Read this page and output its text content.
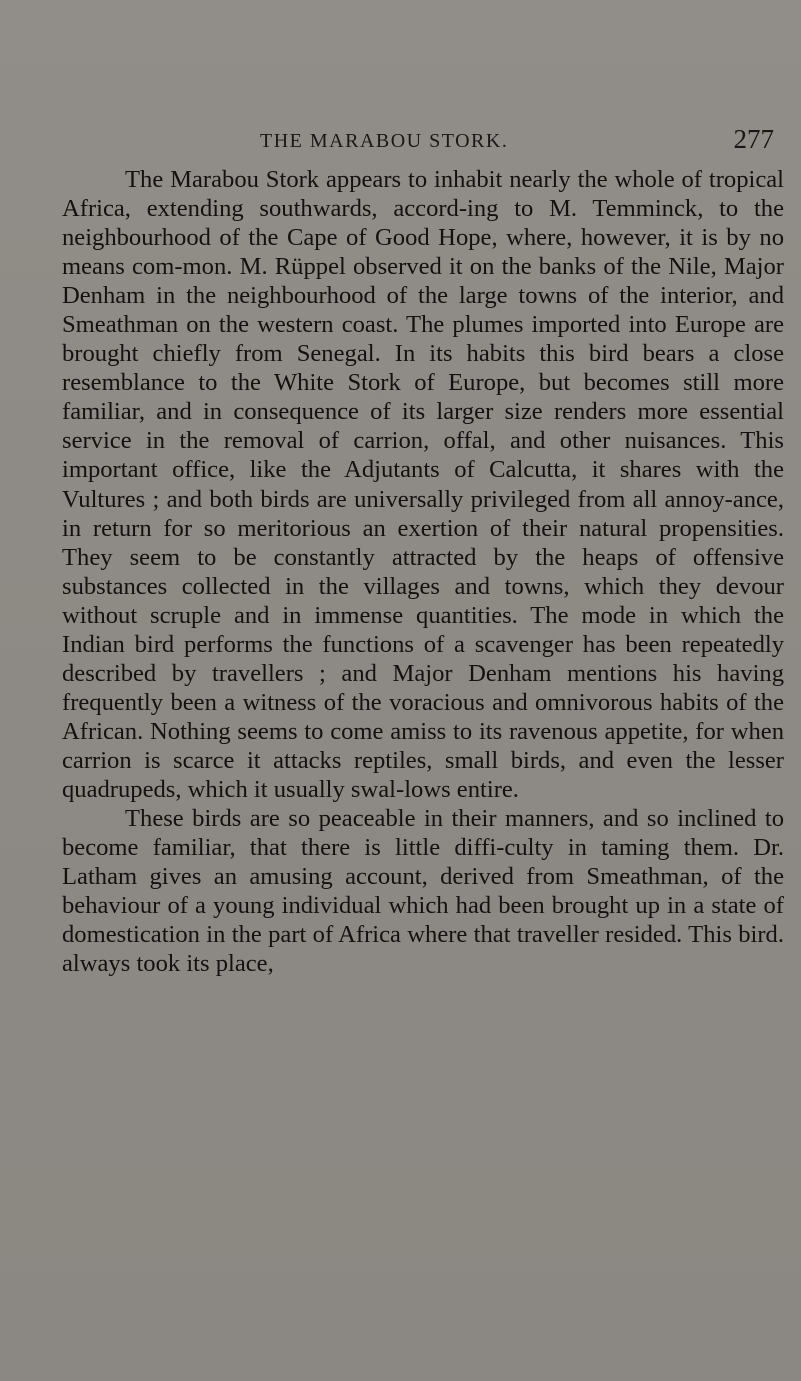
THE MARABOU STORK.	277

The Marabou Stork appears to inhabit nearly the whole of tropical Africa, extending southwards, accord-ing to M. Temminck, to the neighbourhood of the Cape of Good Hope, where, however, it is by no means com-mon. M. Rüppel observed it on the banks of the Nile, Major Denham in the neighbourhood of the large towns of the interior, and Smeathman on the western coast. The plumes imported into Europe are brought chiefly from Senegal. In its habits this bird bears a close resemblance to the White Stork of Europe, but becomes still more familiar, and in consequence of its larger size renders more essential service in the removal of carrion, offal, and other nuisances. This important office, like the Adjutants of Calcutta, it shares with the Vultures ; and both birds are universally privileged from all annoy-ance, in return for so meritorious an exertion of their natural propensities. They seem to be constantly attracted by the heaps of offensive substances collected in the villages and towns, which they devour without scruple and in immense quantities. The mode in which the Indian bird performs the functions of a scavenger has been repeatedly described by travellers ; and Major Denham mentions his having frequently been a witness of the voracious and omnivorous habits of the African. Nothing seems to come amiss to its ravenous appetite, for when carrion is scarce it attacks reptiles, small birds, and even the lesser quadrupeds, which it usually swal-lows entire.

These birds are so peaceable in their manners, and so inclined to become familiar, that there is little diffi-culty in taming them. Dr. Latham gives an amusing account, derived from Smeathman, of the behaviour of a young individual which had been brought up in a state of domestication in the part of Africa where that traveller resided. This bird. always took its place,
